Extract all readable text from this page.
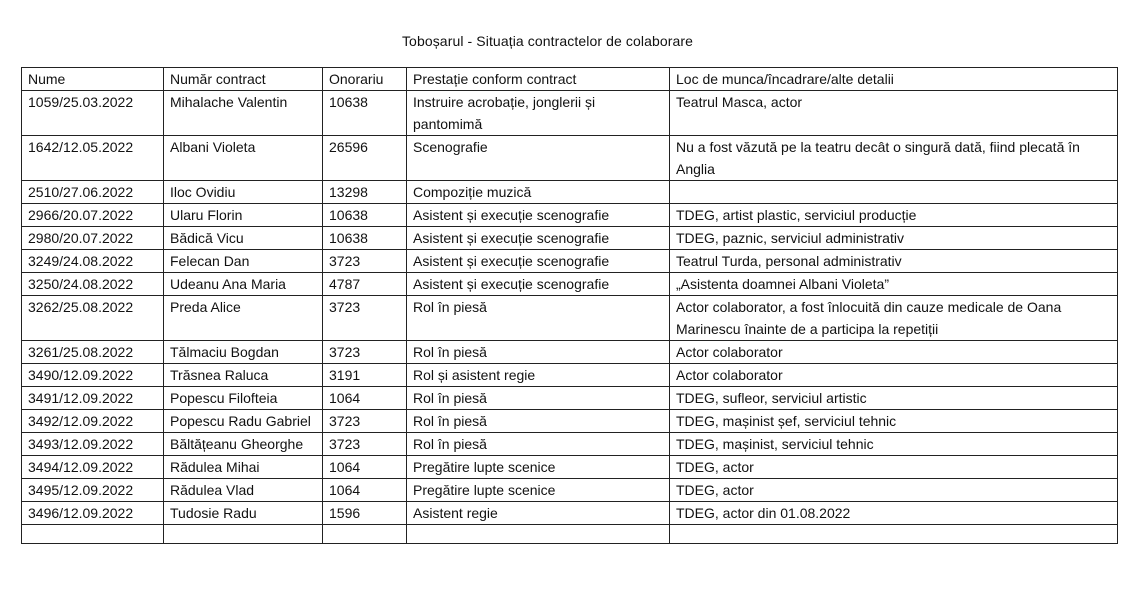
Toboșarul - Situația contractelor de colaborare
Nume	Număr contract	Onorariu	Prestație conform contract	Loc de munca/încadrare/alte detalii
1059/25.03.2022	Mihalache Valentin	10638	Instruire acrobație, jonglerii și pantomimă	Teatrul Masca, actor
1642/12.05.2022	Albani Violeta	26596	Scenografie	Nu a fost văzută pe la teatru decât o singură dată, fiind plecată în Anglia
2510/27.06.2022	Iloc Ovidiu	13298	Compoziție muzică	
2966/20.07.2022	Ularu Florin	10638	Asistent și execuție scenografie	TDEG, artist plastic, serviciul producție
2980/20.07.2022	Bădică Vicu	10638	Asistent și execuție scenografie	TDEG, paznic, serviciul administrativ
3249/24.08.2022	Felecan Dan	3723	Asistent și execuție scenografie	Teatrul Turda, personal administrativ
3250/24.08.2022	Udeanu Ana Maria	4787	Asistent și execuție scenografie	„Asistenta doamnei Albani Violeta”
3262/25.08.2022	Preda Alice	3723	Rol în piesă	Actor colaborator, a fost înlocuită din cauze medicale de Oana Marinescu înainte de a participa la repetiții
3261/25.08.2022	Tălmaciu Bogdan	3723	Rol în piesă	Actor colaborator
3490/12.09.2022	Trăsnea Raluca	3191	Rol și asistent regie	Actor colaborator
3491/12.09.2022	Popescu Filofteia	1064	Rol în piesă	TDEG, sufleor, serviciul artistic
3492/12.09.2022	Popescu Radu Gabriel	3723	Rol în piesă	TDEG, mașinist șef, serviciul tehnic
3493/12.09.2022	Băltățeanu Gheorghe	3723	Rol în piesă	TDEG, mașinist, serviciul tehnic
3494/12.09.2022	Rădulea Mihai	1064	Pregătire lupte scenice	TDEG, actor
3495/12.09.2022	Rădulea Vlad	1064	Pregătire lupte scenice	TDEG, actor
3496/12.09.2022	Tudosie Radu	1596	Asistent regie	TDEG, actor din 01.08.2022
